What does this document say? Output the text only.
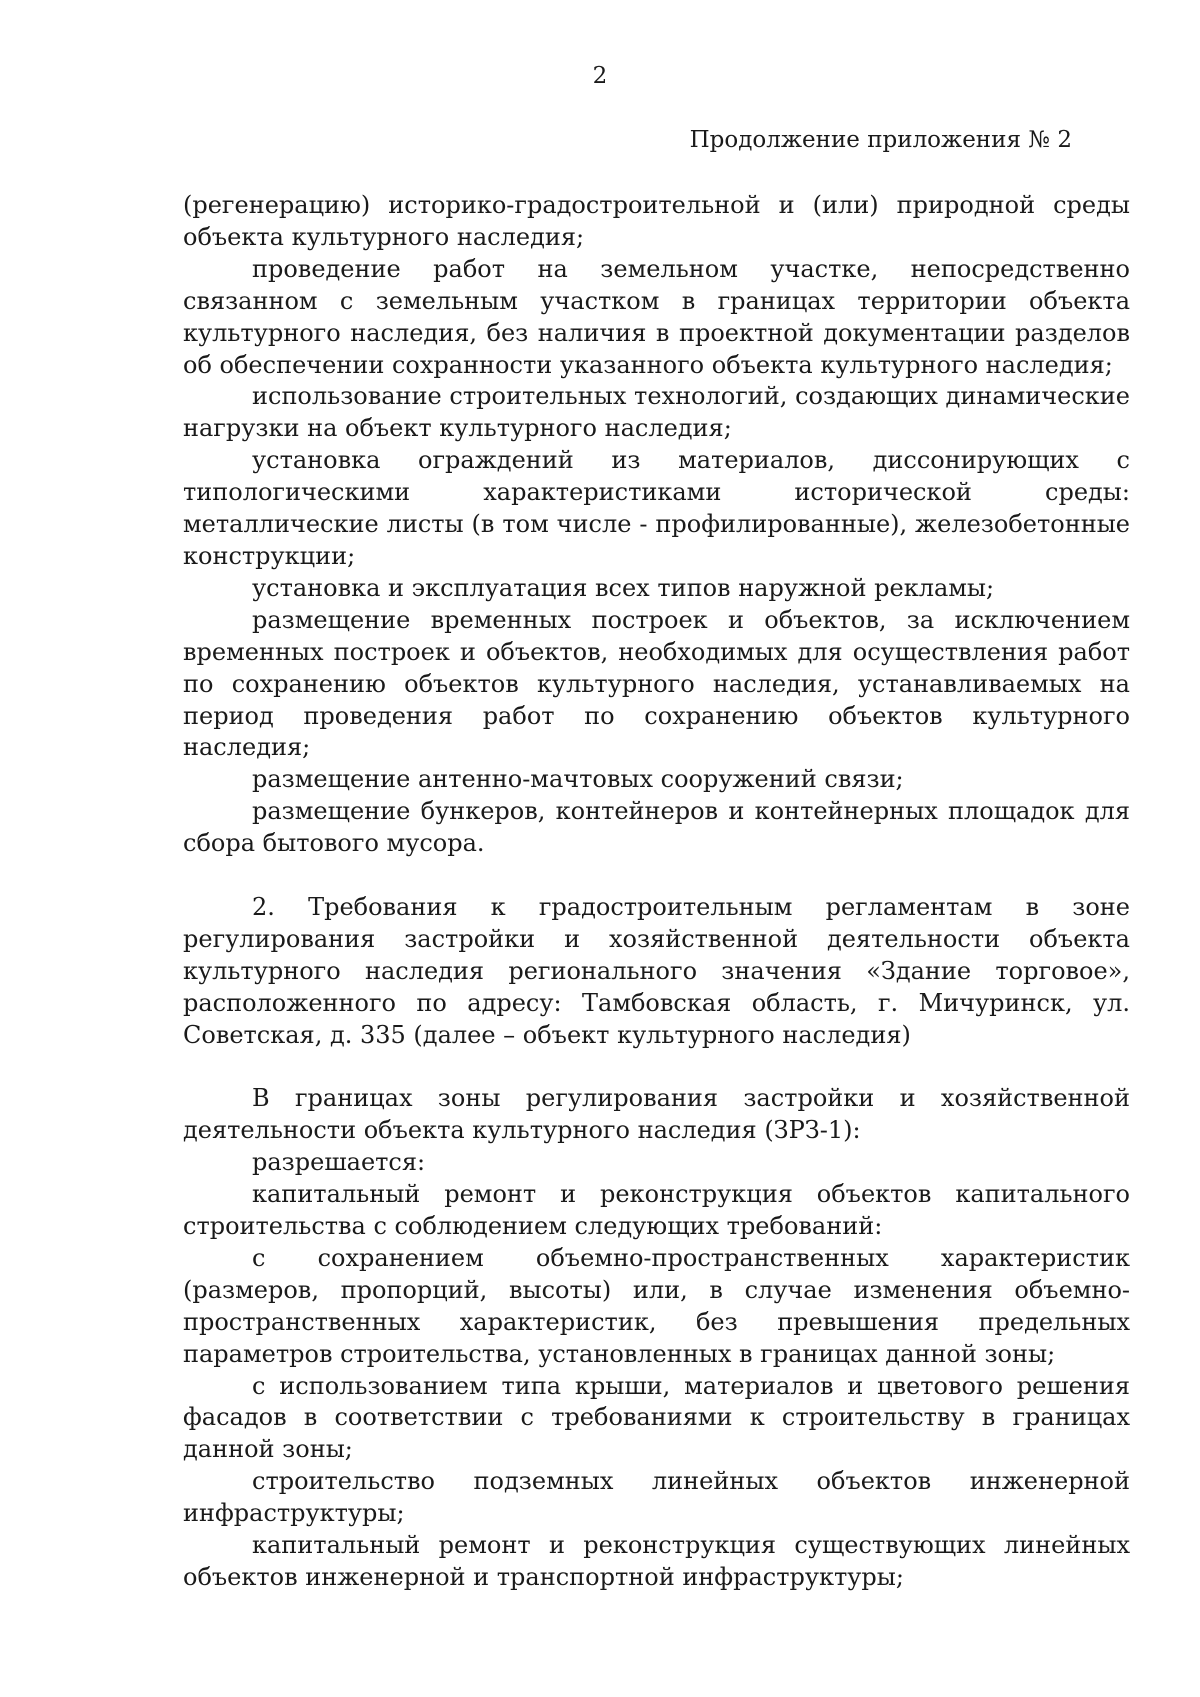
2
Продолжение приложения № 2

(регенерацию) историко-градостроительной и (или) природной среды объекта культурного наследия;

проведение работ на земельном участке, непосредственно связанном с земельным участком в границах территории объекта культурного наследия, без наличия в проектной документации разделов об обеспечении сохранности указанного объекта культурного наследия;

использование строительных технологий, создающих динамические нагрузки на объект культурного наследия;

установка ограждений из материалов, диссонирующих с типологическими характеристиками исторической среды: металлические листы (в том числе - профилированные), железобетонные конструкции;

установка и эксплуатация всех типов наружной рекламы;

размещение временных построек и объектов, за исключением временных построек и объектов, необходимых для осуществления работ по сохранению объектов культурного наследия, устанавливаемых на период проведения работ по сохранению объектов культурного наследия;

размещение антенно-мачтовых сооружений связи;

размещение бункеров, контейнеров и контейнерных площадок для сбора бытового мусора.

2. Требования к градостроительным регламентам в зоне регулирования застройки и хозяйственной деятельности объекта культурного наследия регионального значения «Здание торговое», расположенного по адресу: Тамбовская область, г. Мичуринск, ул. Советская, д. 335 (далее – объект культурного наследия)

В границах зоны регулирования застройки и хозяйственной деятельности объекта культурного наследия (ЗРЗ-1):

разрешается:

капитальный ремонт и реконструкция объектов капитального строительства с соблюдением следующих требований:

с сохранением объемно-пространственных характеристик (размеров, пропорций, высоты) или, в случае изменения объемно-пространственных характеристик, без превышения предельных параметров строительства, установленных в границах данной зоны;

с использованием типа крыши, материалов и цветового решения фасадов в соответствии с требованиями к строительству в границах данной зоны;

строительство подземных линейных объектов инженерной инфраструктуры;

капитальный ремонт и реконструкция существующих линейных объектов инженерной и транспортной инфраструктуры;
